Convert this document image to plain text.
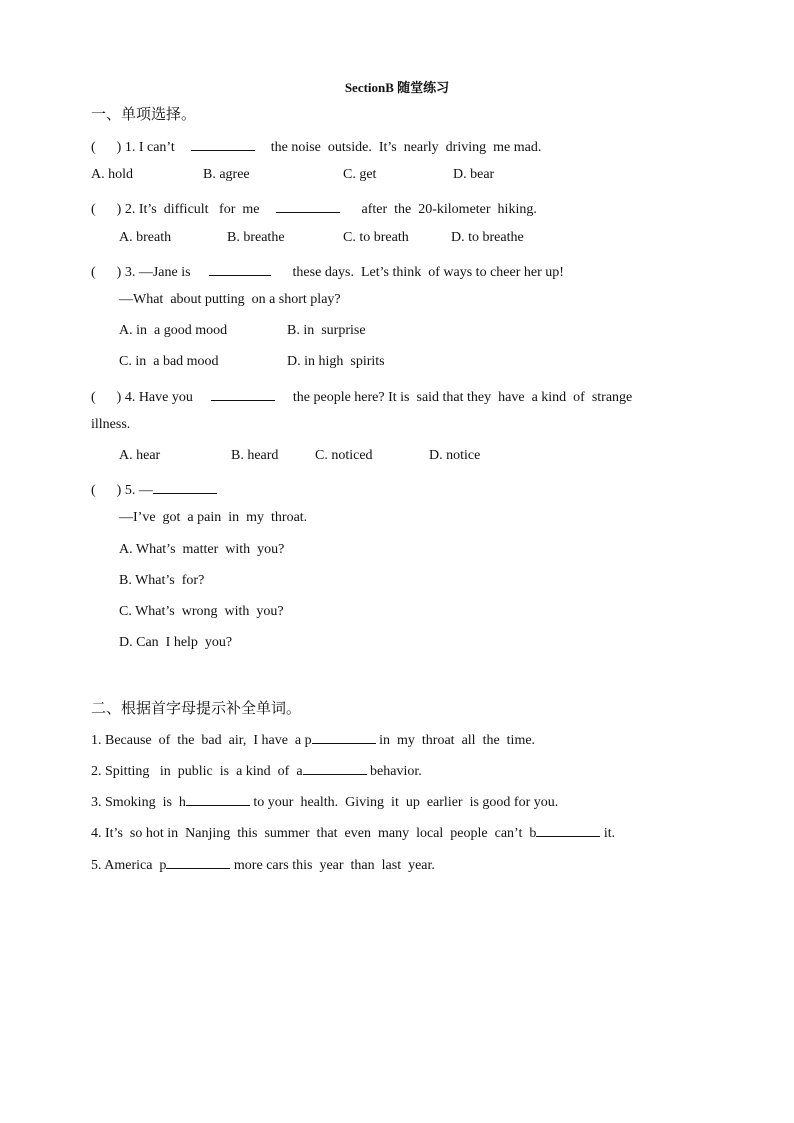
SectionB 随堂练习
一、单项选择。
(      ) 1. I can’t	the noise  outside.  It’s  nearly  driving  me mad.
A. hold	B. agree	C. get	D. bear
(      ) 2. It’s  difficult   for  me	after  the  20-kilometer  hiking.
A. breath	B. breathe	C. to breath	D. to breathe
(      ) 3. —Jane is	these days.  Let’s think  of ways to cheer her up!
—What  about putting  on a short play?
A. in  a good mood	B. in  surprise
C. in  a bad mood	D. in high  spirits
(      ) 4. Have you	the people here? It is  said that they  have  a kind  of  strange
illness.
A. hear	B. heard	C. noticed	D. notice
(      ) 5. —
—I’ve  got  a pain  in  my  throat.
A. What’s  matter  with  you?
B. What’s  for?
C. What’s  wrong  with  you?
D. Can  I help  you?
二、根据首字母提示补全单词。
1. Because  of  the  bad  air,  I have  a p	in  my  throat  all  the  time.
2. Spitting   in  public  is  a kind  of  a	behavior.
3. Smoking  is  h	to your  health.  Giving  it  up  earlier  is good for you.
4. It’s  so hot in  Nanjing  this  summer  that  even  many  local  people  can’t  b	it.
5. America  p	more cars this  year  than  last  year.
